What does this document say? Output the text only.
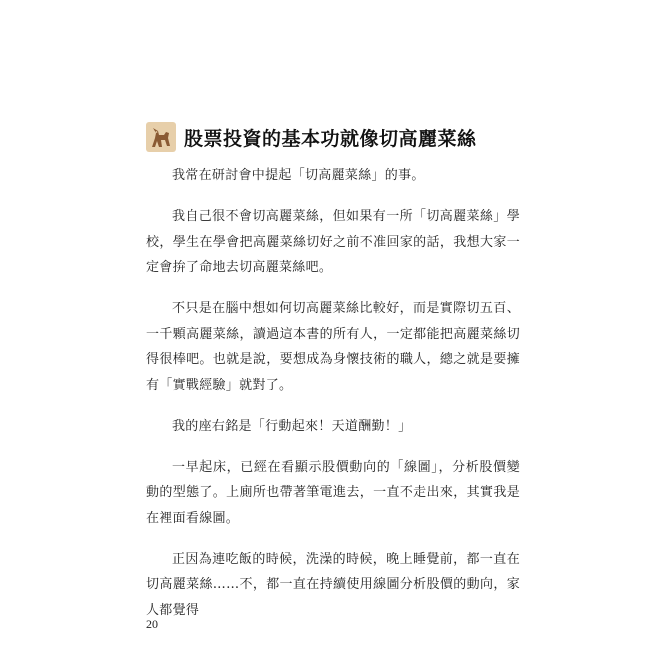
股票投資的基本功就像切高麗菜絲

我常在研討會中提起「切高麗菜絲」的事。

我自己很不會切高麗菜絲，但如果有一所「切高麗菜絲」學校，學生在學會把高麗菜絲切好之前不准回家的話，我想大家一定會拚了命地去切高麗菜絲吧。

不只是在腦中想如何切高麗菜絲比較好，而是實際切五百、一千顆高麗菜絲，讀過這本書的所有人，一定都能把高麗菜絲切得很棒吧。也就是說，要想成為身懷技術的職人，總之就是要擁有「實戰經驗」就對了。

我的座右銘是「行動起來！天道酬勤！」

一早起床，已經在看顯示股價動向的「線圖」，分析股價變動的型態了。上廁所也帶著筆電進去，一直不走出來，其實我是在裡面看線圖。

正因為連吃飯的時候，洗澡的時候，晚上睡覺前，都一直在切高麗菜絲……不，都一直在持續使用線圖分析股價的動向，家人都覺得

20
